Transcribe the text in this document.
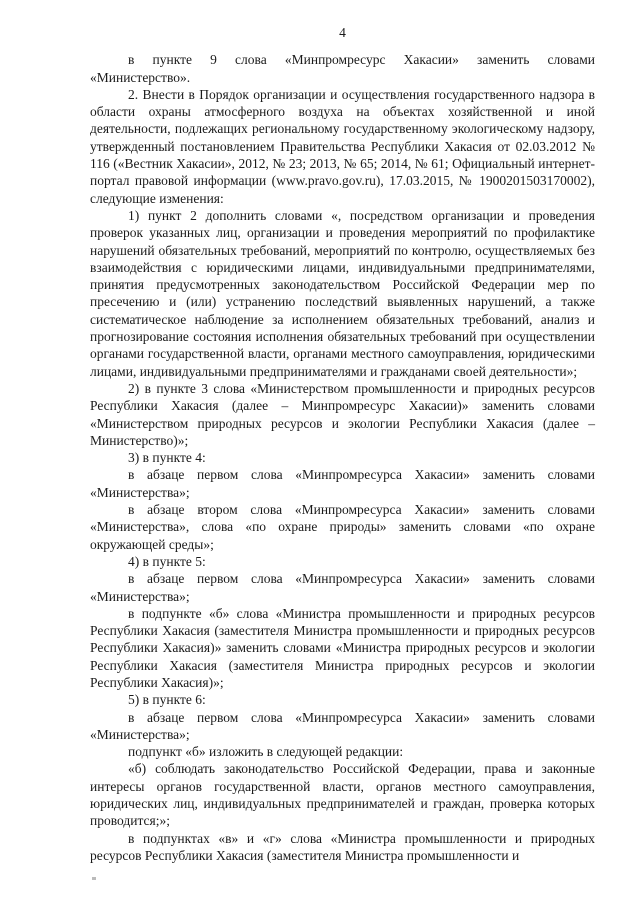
4

в пункте 9 слова «Минпромресурс Хакасии» заменить словами «Министерство».

2. Внести в Порядок организации и осуществления государственного надзора в области охраны атмосферного воздуха на объектах хозяйственной и иной деятельности, подлежащих региональному государственному экологическому надзору, утвержденный постановлением Правительства Республики Хакасия от 02.03.2012 № 116 («Вестник Хакасии», 2012, № 23; 2013, № 65; 2014, № 61; Официальный интернет-портал правовой информации (www.pravo.gov.ru), 17.03.2015, № 1900201503170002), следующие изменения:

1) пункт 2 дополнить словами «, посредством организации и проведения проверок указанных лиц, организации и проведения мероприятий по профилактике нарушений обязательных требований, мероприятий по контролю, осуществляемых без взаимодействия с юридическими лицами, индивидуальными предпринимателями, принятия предусмотренных законодательством Российской Федерации мер по пресечению и (или) устранению последствий выявленных нарушений, а также систематическое наблюдение за исполнением обязательных требований, анализ и прогнозирование состояния исполнения обязательных требований при осуществлении органами государственной власти, органами местного самоуправления, юридическими лицами, индивидуальными предпринимателями и гражданами своей деятельности»;

2) в пункте 3 слова «Министерством промышленности и природных ресурсов Республики Хакасия (далее – Минпромресурс Хакасии)» заменить словами «Министерством природных ресурсов и экологии Республики Хакасия (далее – Министерство)»;

3) в пункте 4:

в абзаце первом слова «Минпромресурса Хакасии» заменить словами «Министерства»;

в абзаце втором слова «Минпромресурса Хакасии» заменить словами «Министерства», слова «по охране природы» заменить словами «по охране окружающей среды»;

4) в пункте 5:

в абзаце первом слова «Минпромресурса Хакасии» заменить словами «Министерства»;

в подпункте «б» слова «Министра промышленности и природных ресурсов Республики Хакасия (заместителя Министра промышленности и природных ресурсов Республики Хакасия)» заменить словами «Министра природных ресурсов и экологии Республики Хакасия (заместителя Министра природных ресурсов и экологии Республики Хакасия)»;

5) в пункте 6:

в абзаце первом слова «Минпромресурса Хакасии» заменить словами «Министерства»;

подпункт «б» изложить в следующей редакции:

«б) соблюдать законодательство Российской Федерации, права и законные интересы органов государственной власти, органов местного самоуправления, юридических лиц, индивидуальных предпринимателей и граждан, проверка которых проводится;»;

в подпунктах «в» и «г» слова «Министра промышленности и природных ресурсов Республики Хакасия (заместителя Министра промышленности и
